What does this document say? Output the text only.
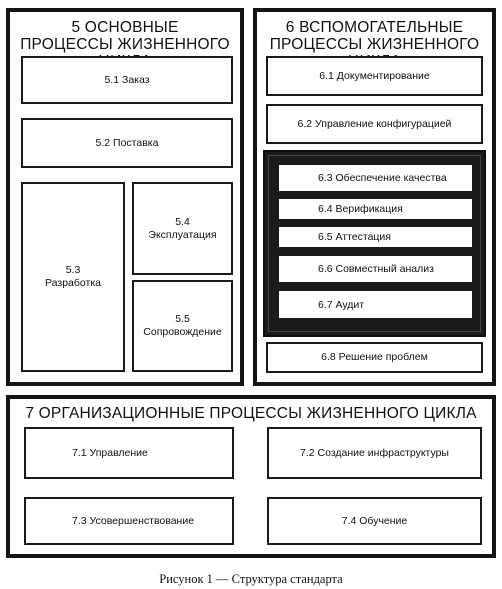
5 ОСНОВНЫЕ
ПРОЦЕССЫ ЖИЗНЕННОГО
5.1 Заказ
5.2 Поставка
5.3
Разработка
5.4
Эксплуатация
5.5
Сопровождение
6 ВСПОМОГАТЕЛЬНЫЕ
ПРОЦЕССЫ ЖИЗНЕННОГО
6.1 Документирование
6.2 Управление конфигурацией
6.3 Обеспечение качества
6.4 Верификация
6.5 Аттестация
6.6 Совместный анализ
6.7 Аудит
6.8 Решение проблем
7 ОРГАНИЗАЦИОННЫЕ ПРОЦЕССЫ ЖИЗНЕННОГО ЦИКЛА
7.1 Управление	7.2 Создание инфраструктуры
7.3 Усовершенствование	7.4 Обучение
Рисунок 1 — Структура стандарта
